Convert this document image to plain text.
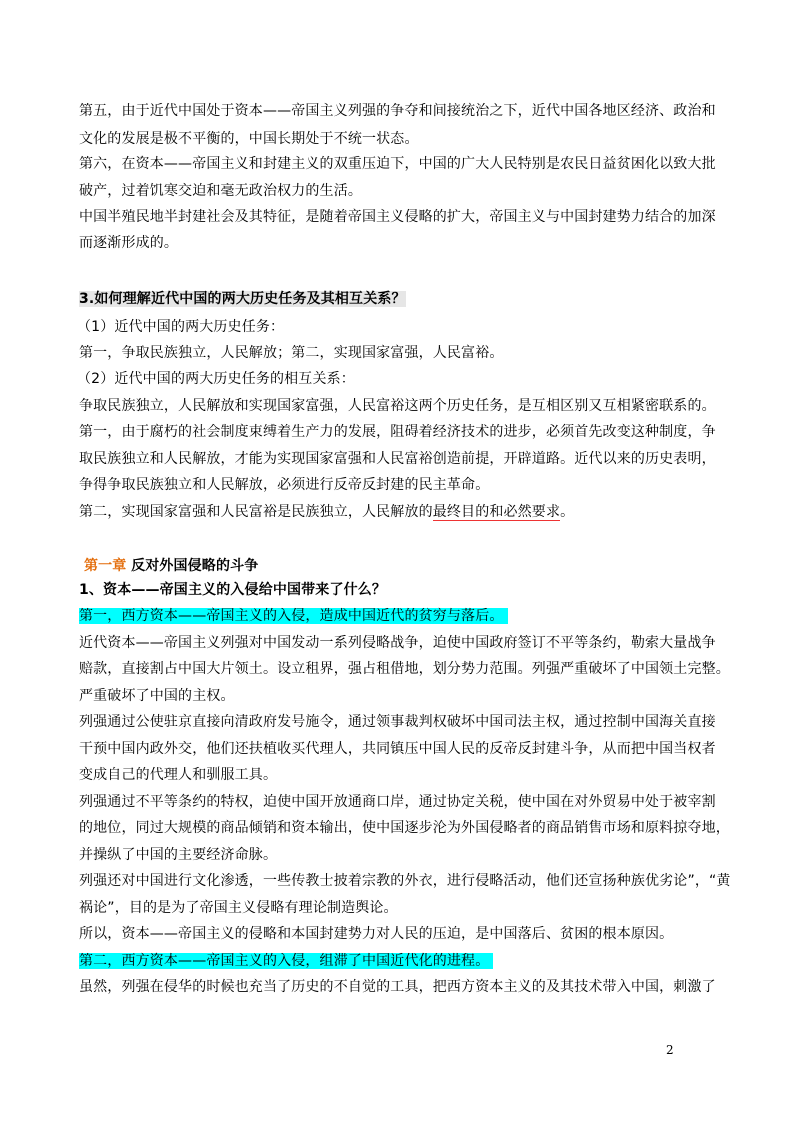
第五，由于近代中国处于资本——帝国主义列强的争夺和间接统治之下，近代中国各地区经济、政治和
文化的发展是极不平衡的，中国长期处于不统一状态。
第六，在资本——帝国主义和封建主义的双重压迫下，中国的广大人民特别是农民日益贫困化以致大批
破产，过着饥寒交迫和毫无政治权力的生活。
中国半殖民地半封建社会及其特征，是随着帝国主义侵略的扩大，帝国主义与中国封建势力结合的加深
而逐渐形成的。
3.如何理解近代中国的两大历史任务及其相互关系？
（1）近代中国的两大历史任务：
第一，争取民族独立，人民解放；第二，实现国家富强，人民富裕。
（2）近代中国的两大历史任务的相互关系：
争取民族独立，人民解放和实现国家富强，人民富裕这两个历史任务，是互相区别又互相紧密联系的。
第一，由于腐朽的社会制度束缚着生产力的发展，阻碍着经济技术的进步，必须首先改变这种制度，争
取民族独立和人民解放，才能为实现国家富强和人民富裕创造前提，开辟道路。近代以来的历史表明，
争得争取民族独立和人民解放，必须进行反帝反封建的民主革命。
第二，实现国家富强和人民富裕是民族独立，人民解放的最终目的和必然要求。
第一章 反对外国侵略的斗争
1、资本——帝国主义的入侵给中国带来了什么？
第一，西方资本——帝国主义的入侵，造成中国近代的贫穷与落后。
近代资本——帝国主义列强对中国发动一系列侵略战争，迫使中国政府签订不平等条约，勒索大量战争
赔款，直接割占中国大片领土。设立租界，强占租借地，划分势力范围。列强严重破坏了中国领土完整。
严重破坏了中国的主权。
列强通过公使驻京直接向清政府发号施令，通过领事裁判权破坏中国司法主权，通过控制中国海关直接
干预中国内政外交，他们还扶植收买代理人，共同镇压中国人民的反帝反封建斗争，从而把中国当权者
变成自己的代理人和驯服工具。
列强通过不平等条约的特权，迫使中国开放通商口岸，通过协定关税，使中国在对外贸易中处于被宰割
的地位，同过大规模的商品倾销和资本输出，使中国逐步沦为外国侵略者的商品销售市场和原料掠夺地，
并操纵了中国的主要经济命脉。
列强还对中国进行文化渗透，一些传教士披着宗教的外衣，进行侵略活动，他们还宣扬种族优劣论”，“黄
祸论”，目的是为了帝国主义侵略有理论制造舆论。
所以，资本——帝国主义的侵略和本国封建势力对人民的压迫，是中国落后、贫困的根本原因。
第二，西方资本——帝国主义的入侵，组滞了中国近代化的进程。
虽然，列强在侵华的时候也充当了历史的不自觉的工具，把西方资本主义的及其技术带入中国，刺激了
2
